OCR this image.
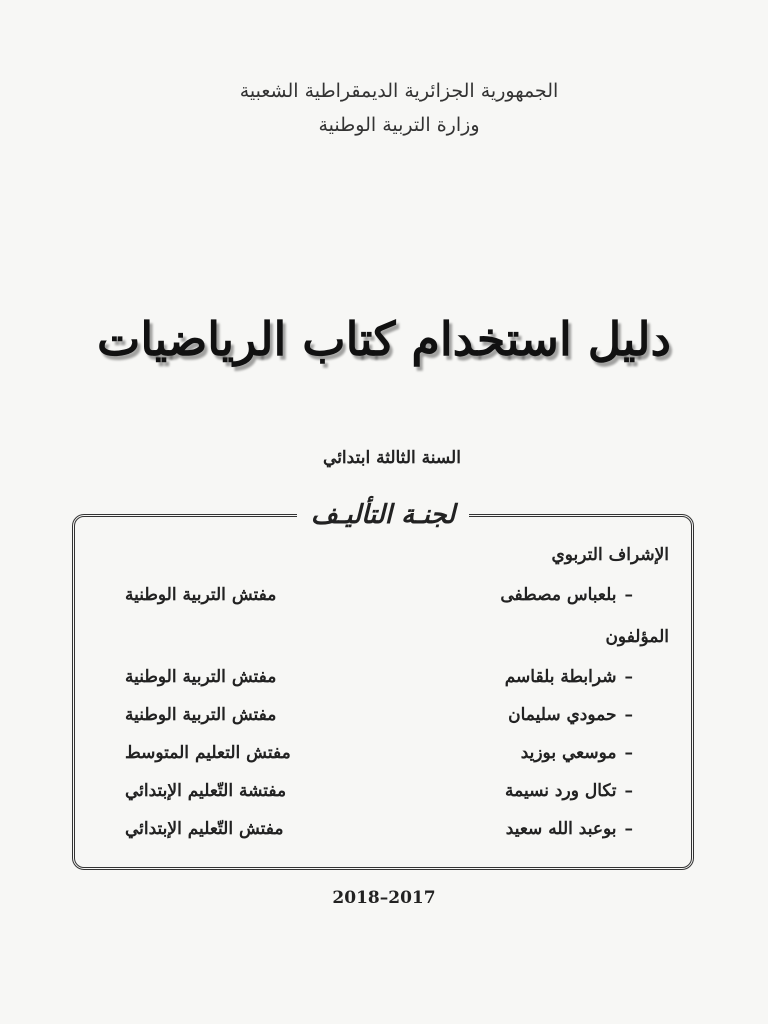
الجمهورية الجزائرية الديمقراطية الشعبية
وزارة التربية الوطنية
دليل استخدام كتاب الرياضيات
السنة الثالثة ابتدائي
لجنـة التأليـف
الإشراف التربوي
–بلعباس مصطفى
مفتش التربية الوطنية
المؤلفون
–شرابطة بلقاسم
مفتش التربية الوطنية
–حمودي سليمان
مفتش التربية الوطنية
–موسعي بوزيد
مفتش التعليم المتوسط
–تكال ورد نسيمة
مفتشة التّعليم الإبتدائي
–بوعبد الله سعيد
مفتش التّعليم الإبتدائي
2018–2017
